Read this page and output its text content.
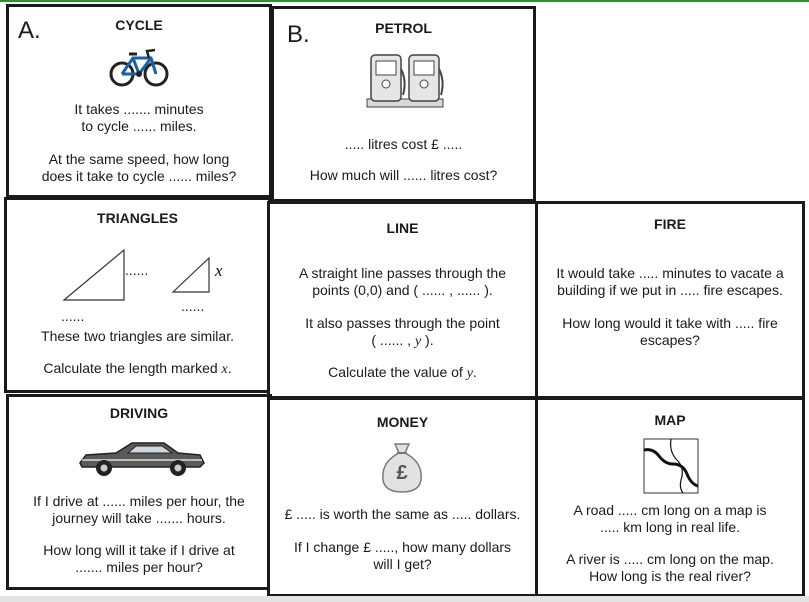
A.	CYCLE
It takes ....... minutes
to cycle ...... miles.
At the same speed, how long
does it take to cycle ...... miles?
B.	PETROL
..... litres cost £ .....
How much will ...... litres cost?
TRIANGLES
x
......
......
......
These two triangles are similar.
Calculate the length marked x.
LINE
A straight line passes through the
points (0,0) and ( ...... , ...... ).
It also passes through the point
( ...... , y ).
Calculate the value of y.
FIRE
It would take ..... minutes to vacate a
building if we put in ..... fire escapes.
How long would it take with ..... fire
escapes?
DRIVING
If I drive at ...... miles per hour, the
journey will take ....... hours.
How long will it take if I drive at
....... miles per hour?
MONEY
£
£ ..... is worth the same as ..... dollars.
If I change £ ....., how many dollars
will I get?
MAP
A road ..... cm long on a map is
..... km long in real life.
A river is ..... cm long on the map.
How long is the real river?
